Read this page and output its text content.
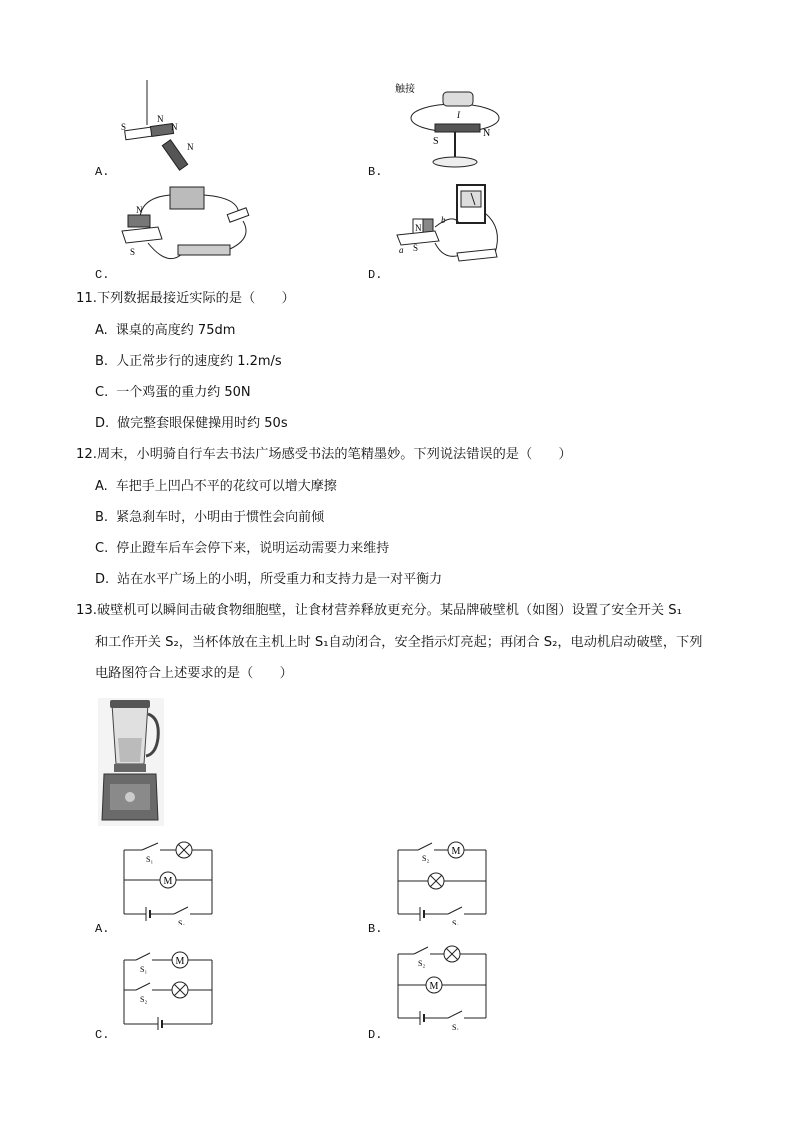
S
N
N
N
A.
触接
S
N
I
B.
N
S
C.
N
S
a
b
D.
11.下列数据最接近实际的是（　　）
A. 课桌的高度约 75dm
B. 人正常步行的速度约 1.2m/s
C. 一个鸡蛋的重力约 50N
D. 做完整套眼保健操用时约 50s
12.周末，小明骑自行车去书法广场感受书法的笔精墨妙。下列说法错误的是（　　）
A. 车把手上凹凸不平的花纹可以增大摩擦
B. 紧急刹车时，小明由于惯性会向前倾
C. 停止蹬车后车会停下来，说明运动需要力来维持
D. 站在水平广场上的小明，所受重力和支持力是一对平衡力
13.破壁机可以瞬间击破食物细胞壁，让食材营养释放更充分。某品牌破壁机（如图）设置了安全开关 S₁
和工作开关 S₂，当杯体放在主机上时 S₁自动闭合，安全指示灯亮起；再闭合 S₂，电动机启动破壁，下列
电路图符合上述要求的是（　　）
M
S₁
S₂
A.
M
S₂
S₁
B.
M
S₁
S₂
C.
M
S₂
S₁
D.
